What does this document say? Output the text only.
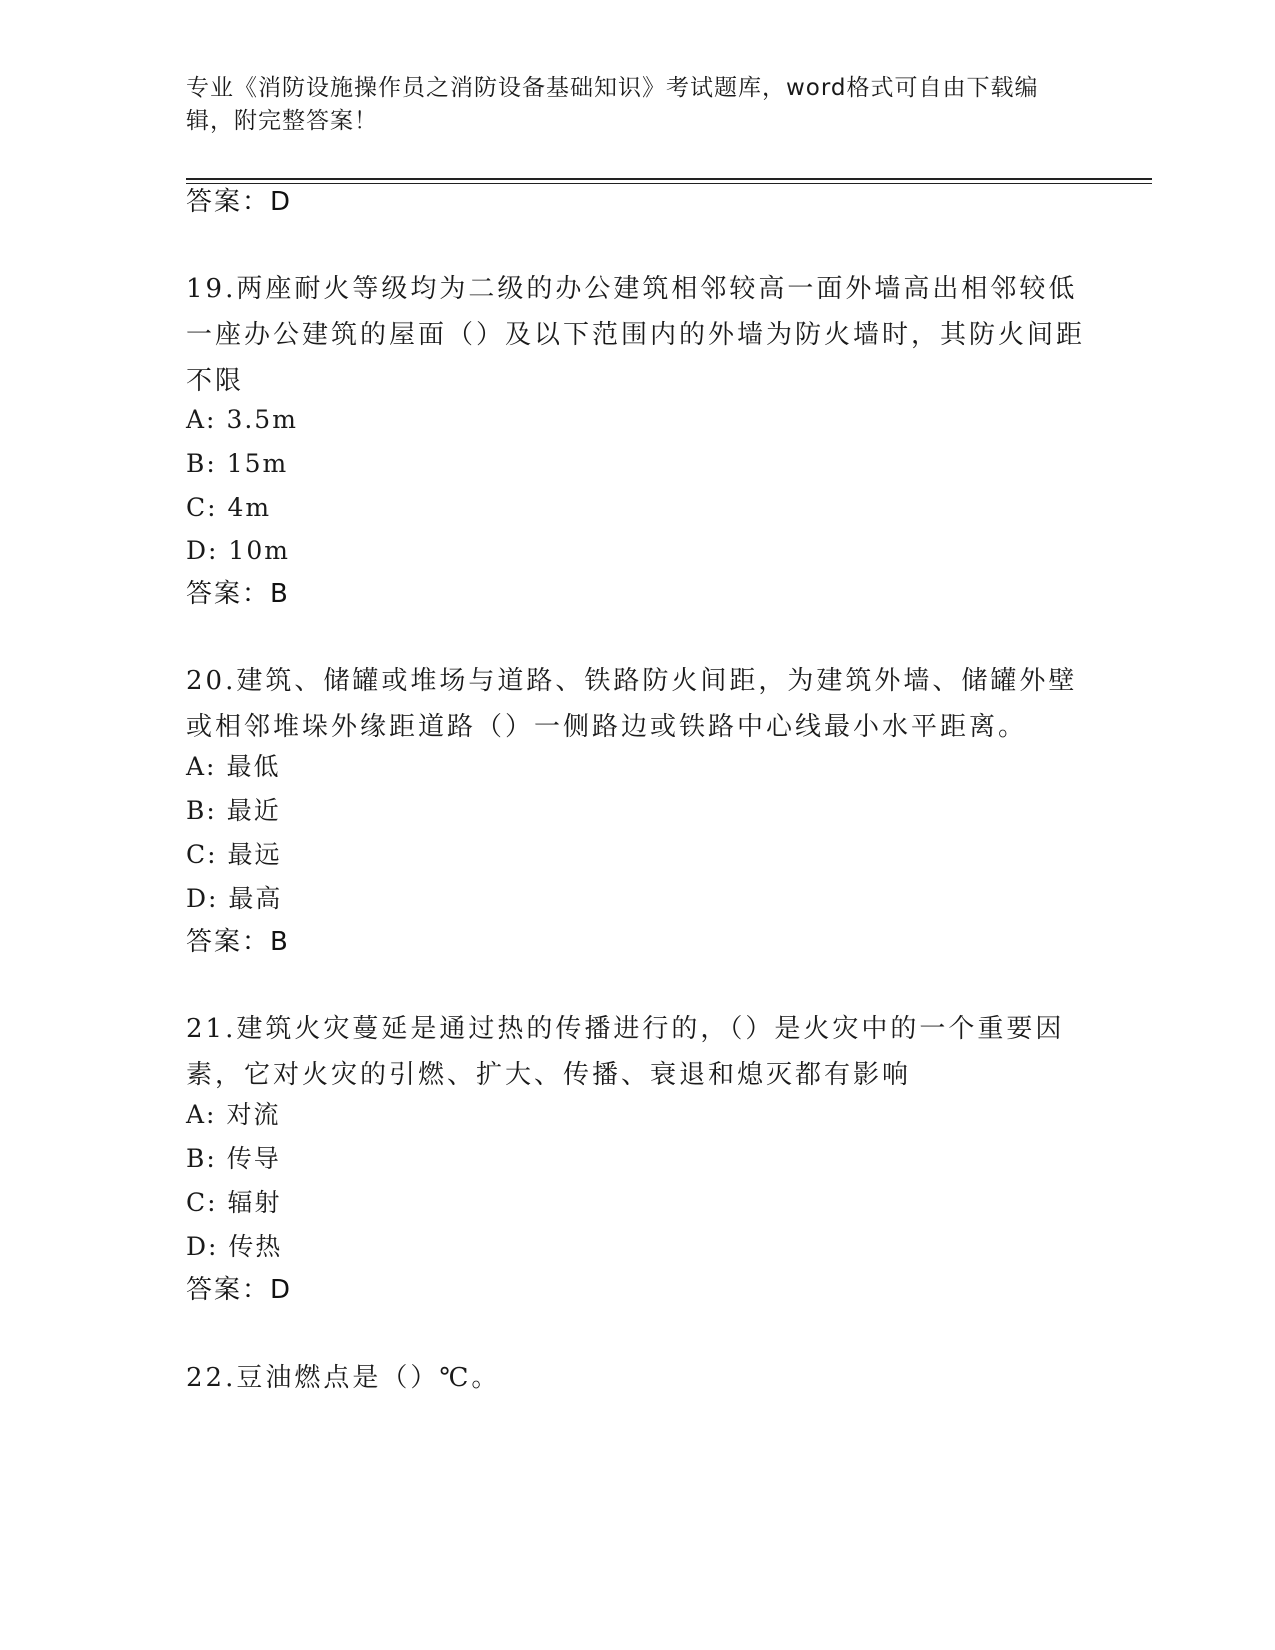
专业《消防设施操作员之消防设备基础知识》考试题库，word格式可自由下载编辑，附完整答案！
答案：D
19.两座耐火等级均为二级的办公建筑相邻较高一面外墙高出相邻较低一座办公建筑的屋面（）及以下范围内的外墙为防火墙时，其防火间距不限
A: 3.5m
B: 15m
C: 4m
D: 10m
答案：B
20.建筑、储罐或堆场与道路、铁路防火间距，为建筑外墙、储罐外壁或相邻堆垛外缘距道路（）一侧路边或铁路中心线最小水平距离。
A: 最低
B: 最近
C: 最远
D: 最高
答案：B
21.建筑火灾蔓延是通过热的传播进行的，（）是火灾中的一个重要因素，它对火灾的引燃、扩大、传播、衰退和熄灭都有影响
A: 对流
B: 传导
C: 辐射
D: 传热
答案：D
22.豆油燃点是（）℃。
